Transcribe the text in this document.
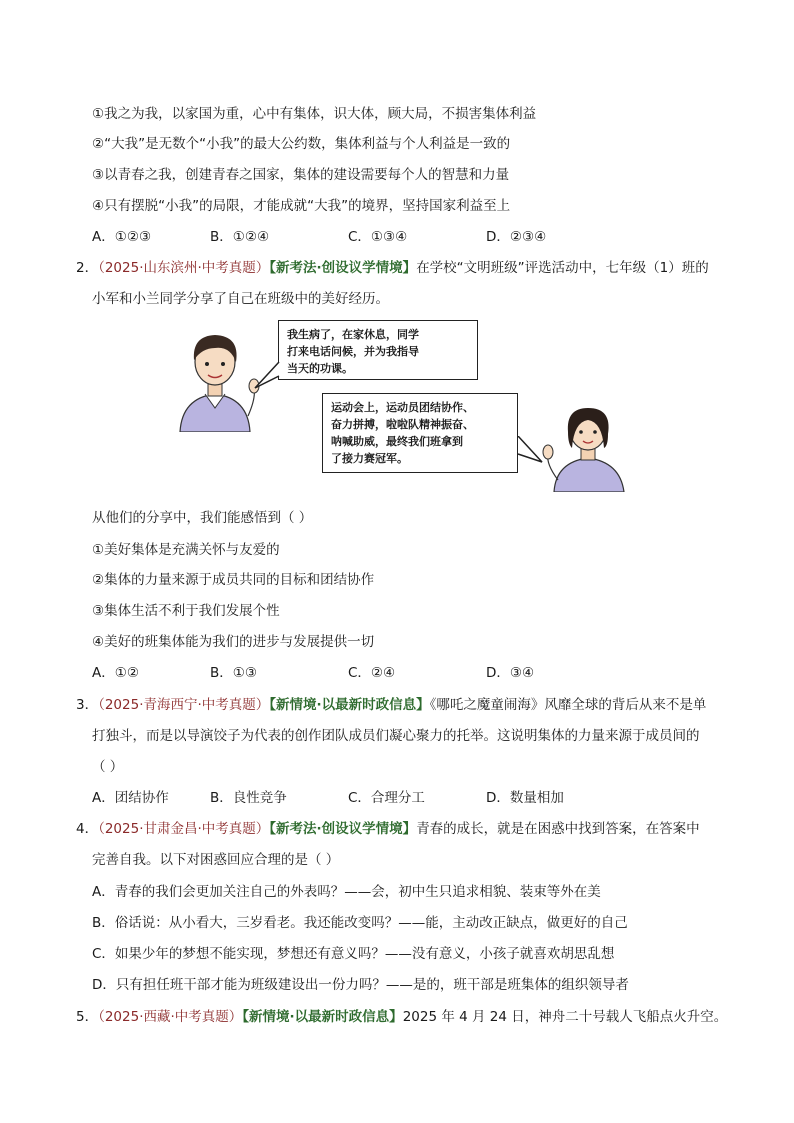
①我之为我，以家国为重，心中有集体，识大体，顾大局，不损害集体利益
②“大我”是无数个“小我”的最大公约数，集体利益与个人利益是一致的
③以青春之我，创建青春之国家，集体的建设需要每个人的智慧和力量
④只有摆脱“小我”的局限，才能成就“大我”的境界，坚持国家利益至上
A．①②③	B．①②④	C．①③④	D．②③④
2．（2025·山东滨州·中考真题）【新考法·创设议学情境】在学校“文明班级”评选活动中，七年级（1）班的
小军和小兰同学分享了自己在班级中的美好经历。
我生病了，在家休息，同学
打来电话问候，并为我指导
当天的功课。
运动会上，运动员团结协作、
奋力拼搏，啦啦队精神振奋、
呐喊助威，最终我们班拿到
了接力赛冠军。
从他们的分享中，我们能感悟到（ ）
①美好集体是充满关怀与友爱的
②集体的力量来源于成员共同的目标和团结协作
③集体生活不利于我们发展个性
④美好的班集体能为我们的进步与发展提供一切
A．①②	B．①③	C．②④	D．③④
3．（2025·青海西宁·中考真题）【新情境·以最新时政信息】《哪吒之魔童闹海》风靡全球的背后从来不是单
打独斗，而是以导演饺子为代表的创作团队成员们凝心聚力的托举。这说明集体的力量来源于成员间的
（ ）
A．团结协作	B．良性竞争	C．合理分工	D．数量相加
4．（2025·甘肃金昌·中考真题）【新考法·创设议学情境】青春的成长，就是在困惑中找到答案，在答案中
完善自我。以下对困惑回应合理的是（ ）
A．青春的我们会更加关注自己的外表吗？——会，初中生只追求相貌、装束等外在美
B．俗话说：从小看大，三岁看老。我还能改变吗？——能，主动改正缺点，做更好的自己
C．如果少年的梦想不能实现，梦想还有意义吗？——没有意义，小孩子就喜欢胡思乱想
D．只有担任班干部才能为班级建设出一份力吗？——是的，班干部是班集体的组织领导者
5．（2025·西藏·中考真题）【新情境·以最新时政信息】2025 年 4 月 24 日，神舟二十号载人飞船点火升空。
